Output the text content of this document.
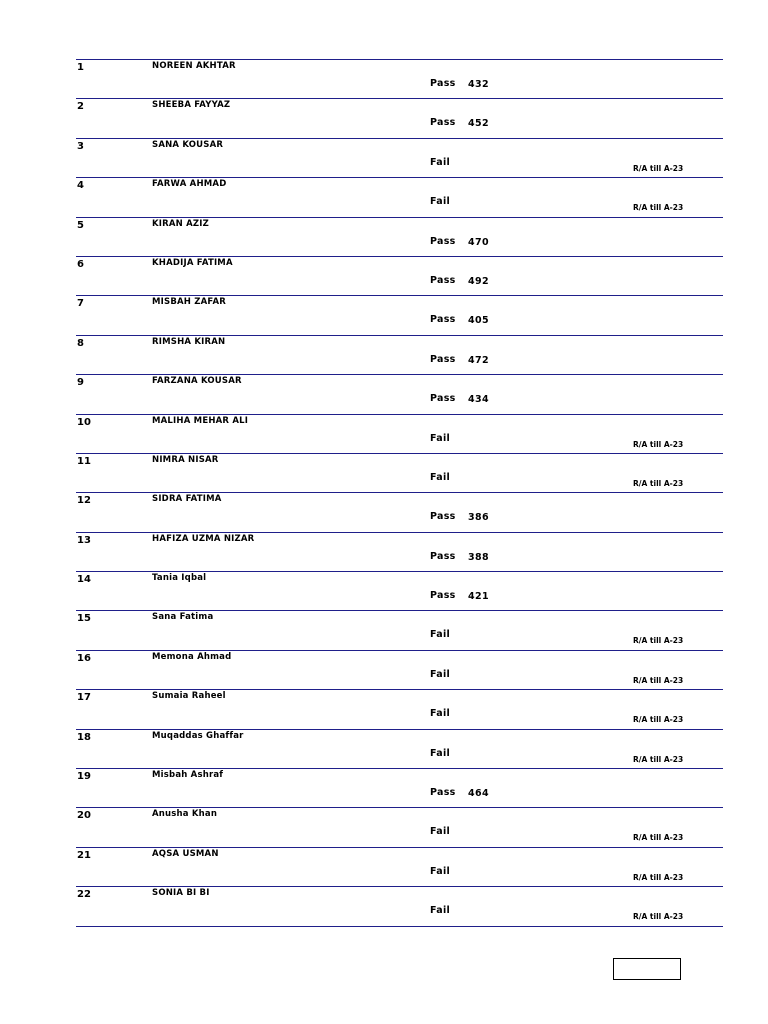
1	NOREEN AKHTAR
Pass 432
2	SHEEBA FAYYAZ
Pass 452
3	SANA KOUSAR
Fail
R/A till A-23
4	FARWA AHMAD
Fail
R/A till A-23
5	KIRAN AZIZ
Pass 470
6	KHADIJA FATIMA
Pass 492
7	MISBAH ZAFAR
Pass 405
8	RIMSHA KIRAN
Pass 472
9	FARZANA KOUSAR
Pass 434
10	MALIHA MEHAR ALI
Fail
R/A till A-23
11	NIMRA NISAR
Fail
R/A till A-23
12	SIDRA FATIMA
Pass 386
13	HAFIZA UZMA NIZAR
Pass 388
14	Tania Iqbal
Pass 421
15	Sana Fatima
Fail
R/A till A-23
16	Memona Ahmad
Fail
R/A till A-23
17	Sumaia Raheel
Fail
R/A till A-23
18	Muqaddas Ghaffar
Fail
R/A till A-23
19	Misbah Ashraf
Pass 464
20	Anusha Khan
Fail
R/A till A-23
21	AQSA USMAN
Fail
R/A till A-23
22	SONIA BI BI
Fail
R/A till A-23
